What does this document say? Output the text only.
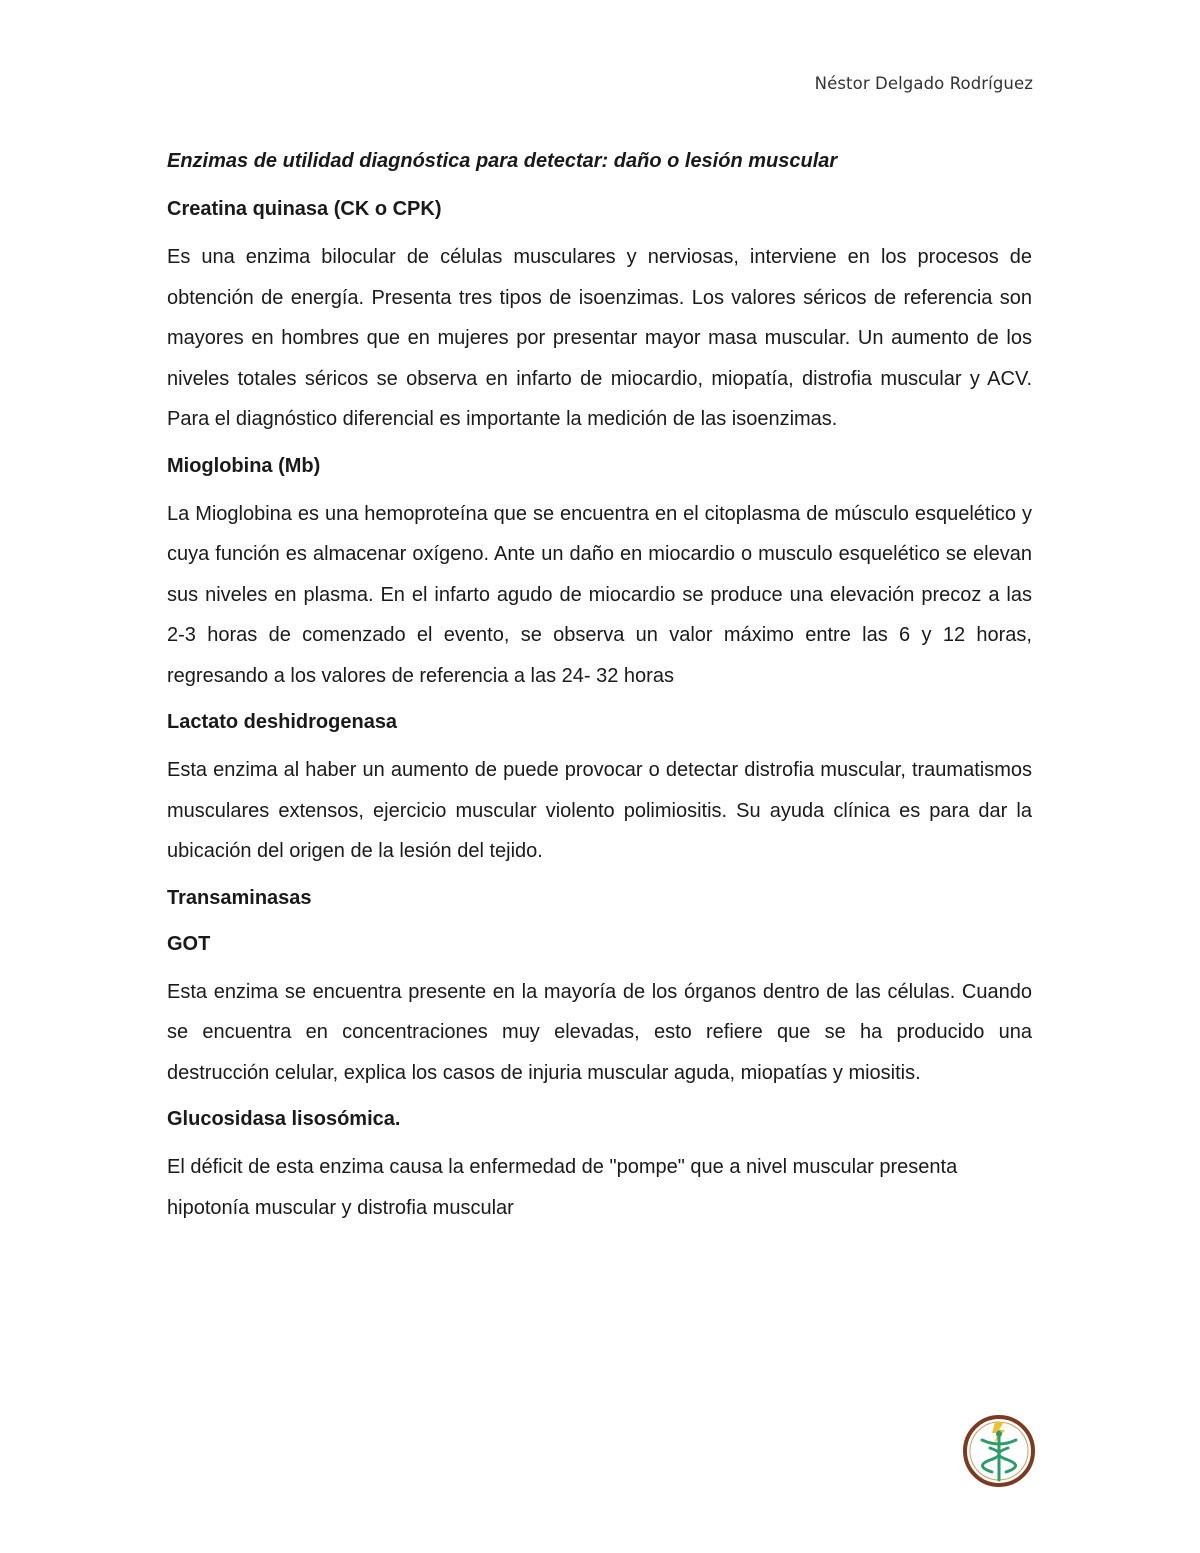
Néstor Delgado Rodríguez
Enzimas de utilidad diagnóstica para detectar: daño o lesión muscular
Creatina quinasa (CK o CPK)

Es una enzima bilocular de células musculares y nerviosas, interviene en los procesos de obtención de energía. Presenta tres tipos de isoenzimas. Los valores séricos de referencia son mayores en hombres que en mujeres por presentar mayor masa muscular. Un aumento de los niveles totales séricos se observa en infarto de miocardio, miopatía, distrofia muscular y ACV. Para el diagnóstico diferencial es importante la medición de las isoenzimas.

Mioglobina (Mb)

La Mioglobina es una hemoproteína que se encuentra en el citoplasma de músculo esquelético y cuya función es almacenar oxígeno. Ante un daño en miocardio o musculo esquelético se elevan sus niveles en plasma. En el infarto agudo de miocardio se produce una elevación precoz a las 2-3 horas de comenzado el evento, se observa un valor máximo entre las 6 y 12 horas, regresando a los valores de referencia a las 24- 32 horas

Lactato deshidrogenasa

Esta enzima al haber un aumento de puede provocar o detectar distrofia muscular, traumatismos musculares extensos, ejercicio muscular violento polimiositis. Su ayuda clínica es para dar la ubicación del origen de la lesión del tejido.

Transaminasas
GOT

Esta enzima se encuentra presente en la mayoría de los órganos dentro de las células. Cuando se encuentra en concentraciones muy elevadas, esto refiere que se ha producido una destrucción celular, explica los casos de injuria muscular aguda, miopatías y miositis.

Glucosidasa lisosómica.

El déficit de esta enzima causa la enfermedad de "pompe" que a nivel muscular presenta hipotonía muscular y distrofia muscular
